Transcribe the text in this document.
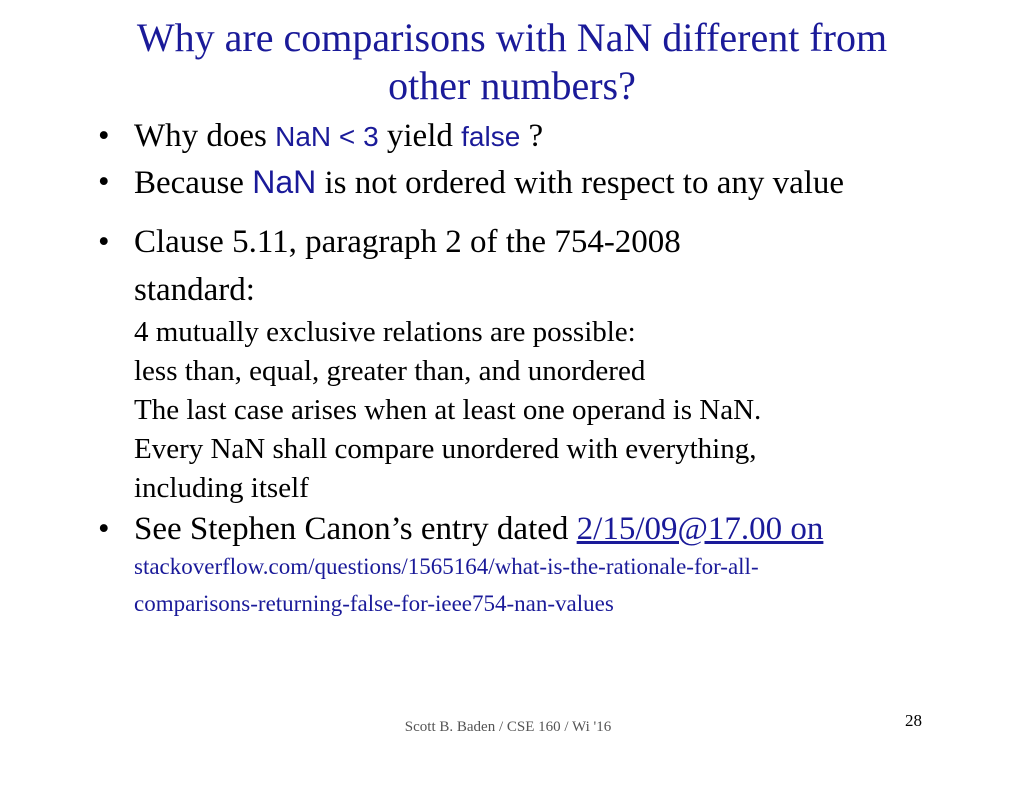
Why are comparisons with NaN different from
other numbers?
• Why does NaN < 3 yield false ?
• Because NaN is not ordered with respect to any value
• Clause 5.11, paragraph 2 of the 754-2008
standard:
4 mutually exclusive relations are possible:
less than, equal, greater than, and unordered
The last case arises when at least one operand is NaN.
Every NaN shall compare unordered with everything,
including itself
• See Stephen Canon’s entry dated 2/15/09@17.00 on
stackoverflow.com/questions/1565164/what-is-the-rationale-for-all-
comparisons-returning-false-for-ieee754-nan-values
Scott B. Baden / CSE 160 / Wi '16	28
